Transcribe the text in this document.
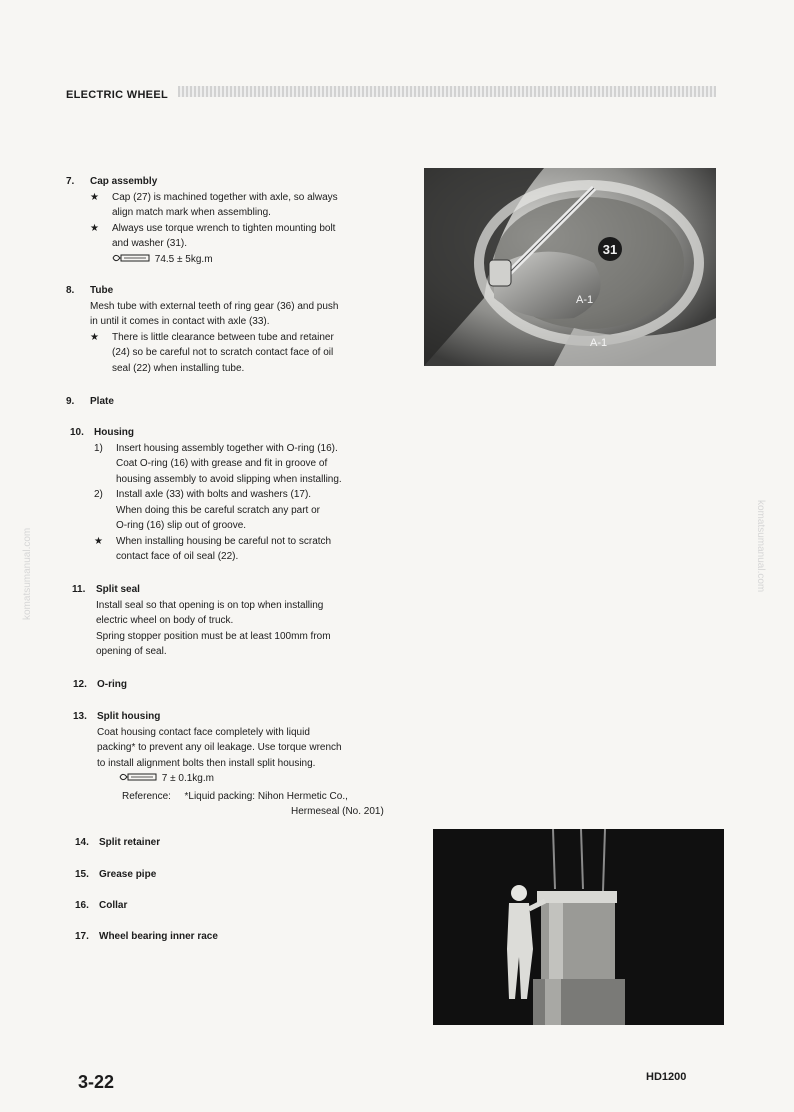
ELECTRIC WHEEL
komatsumanual.com	komatsumanual.com
7. Cap assembly
★ Cap (27) is machined together with axle, so always
align match mark when assembling.
★ Always use torque wrench to tighten mounting bolt
and washer (31).
74.5 ± 5kg.m
8. Tube
Mesh tube with external teeth of ring gear (36) and push
in until it comes in contact with axle (33).
★ There is little clearance between tube and retainer
(24) so be careful not to scratch contact face of oil
seal (22) when installing tube.
9. Plate
10. Housing
1) Insert housing assembly together with O-ring (16).
Coat O-ring (16) with grease and fit in groove of
housing assembly to avoid slipping when installing.
2) Install axle (33) with bolts and washers (17).
When doing this be careful scratch any part or
O-ring (16) slip out of groove.
★ When installing housing be careful not to scratch
contact face of oil seal (22).
11. Split seal
Install seal so that opening is on top when installing
electric wheel on body of truck.
Spring stopper position must be at least 100mm from
opening of seal.
12. O-ring
13. Split housing
Coat housing contact face completely with liquid
packing* to prevent any oil leakage. Use torque wrench
to install alignment bolts then install split housing.
7 ± 0.1kg.m
Reference: *Liquid packing: Nihon Hermetic Co.,
Hermeseal (No. 201)
14. Split retainer
15. Grease pipe
16. Collar
17. Wheel bearing inner race
31
A-1
A-1
3-22	HD1200
